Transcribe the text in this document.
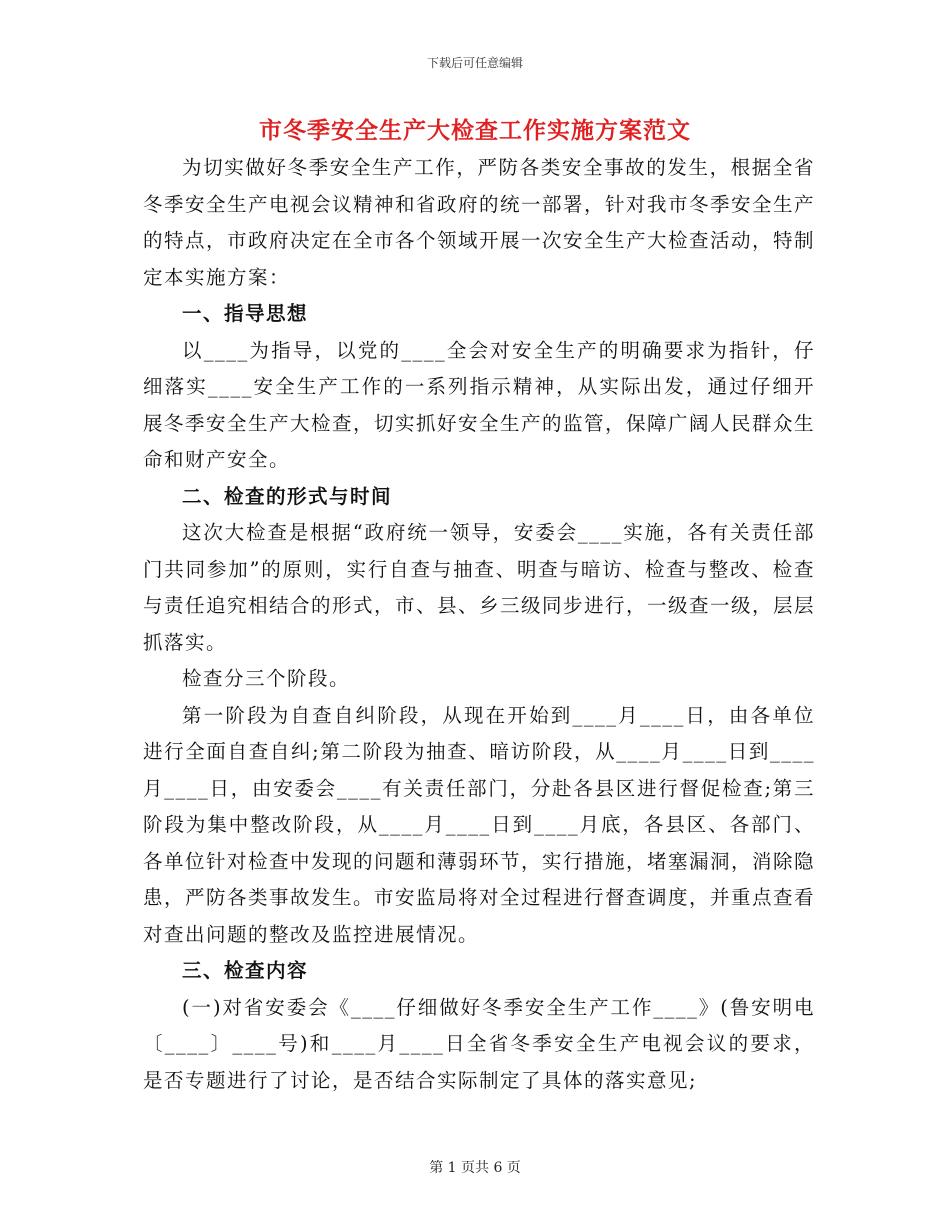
下载后可任意编辑
市冬季安全生产大检查工作实施方案范文

为切实做好冬季安全生产工作，严防各类安全事故的发生，根据全省冬季安全生产电视会议精神和省政府的统一部署，针对我市冬季安全生产的特点，市政府决定在全市各个领域开展一次安全生产大检查活动，特制定本实施方案：

一、指导思想

以____为指导，以党的____全会对安全生产的明确要求为指针，仔细落实____安全生产工作的一系列指示精神，从实际出发，通过仔细开展冬季安全生产大检查，切实抓好安全生产的监管，保障广阔人民群众生命和财产安全。

二、检查的形式与时间

这次大检查是根据“政府统一领导，安委会____实施，各有关责任部门共同参加”的原则，实行自查与抽查、明查与暗访、检查与整改、检查与责任追究相结合的形式，市、县、乡三级同步进行，一级查一级，层层抓落实。

检查分三个阶段。

第一阶段为自查自纠阶段，从现在开始到____月____日，由各单位进行全面自查自纠;第二阶段为抽查、暗访阶段，从____月____日到____月____日，由安委会____有关责任部门，分赴各县区进行督促检查;第三阶段为集中整改阶段，从____月____日到____月底，各县区、各部门、各单位针对检查中发现的问题和薄弱环节，实行措施，堵塞漏洞，消除隐患，严防各类事故发生。市安监局将对全过程进行督查调度，并重点查看对查出问题的整改及监控进展情况。

三、检查内容

(一)对省安委会《____仔细做好冬季安全生产工作____》(鲁安明电〔____〕____号)和____月____日全省冬季安全生产电视会议的要求，是否专题进行了讨论，是否结合实际制定了具体的落实意见;

第 1 页共 6 页
